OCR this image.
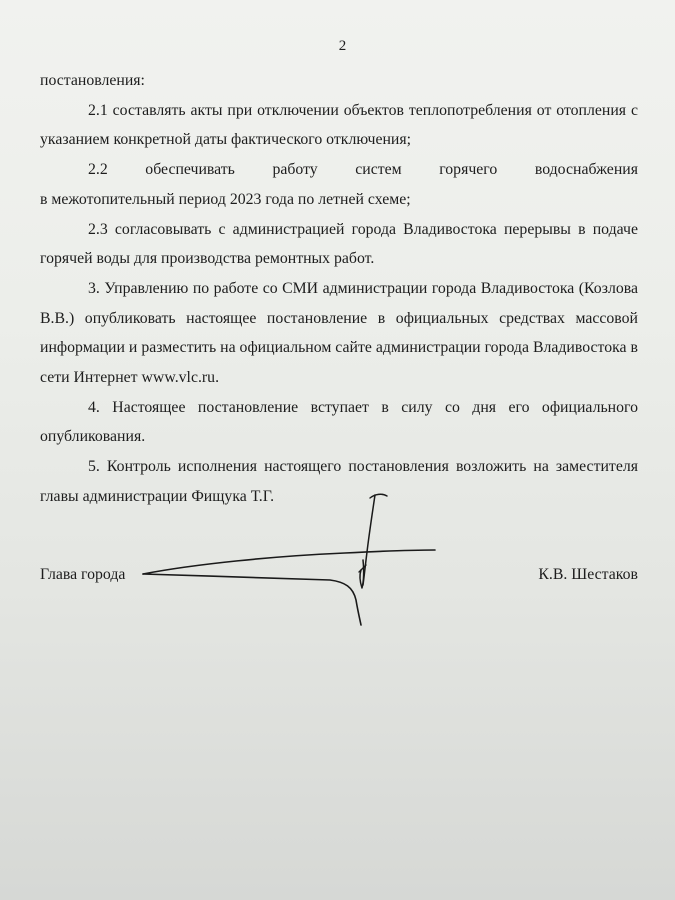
2

постановления:

2.1 составлять акты при отключении объектов теплопотребления от отопления с указанием конкретной даты фактического отключения;

2.2 обеспечивать работу систем горячего водоснабжения

в межотопительный период 2023 года по летней схеме;

2.3 согласовывать с администрацией города Владивостока перерывы в подаче горячей воды для производства ремонтных работ.

3. Управлению по работе со СМИ администрации города Владивостока (Козлова В.В.) опубликовать настоящее постановление в официальных средствах массовой информации и разместить на официальном сайте администрации города Владивостока в сети Интернет www.vlc.ru.

4. Настоящее постановление вступает в силу со дня его официального опубликования.

5. Контроль исполнения настоящего постановления возложить на заместителя главы администрации Фищука Т.Г.

Глава города	К.В. Шестаков
